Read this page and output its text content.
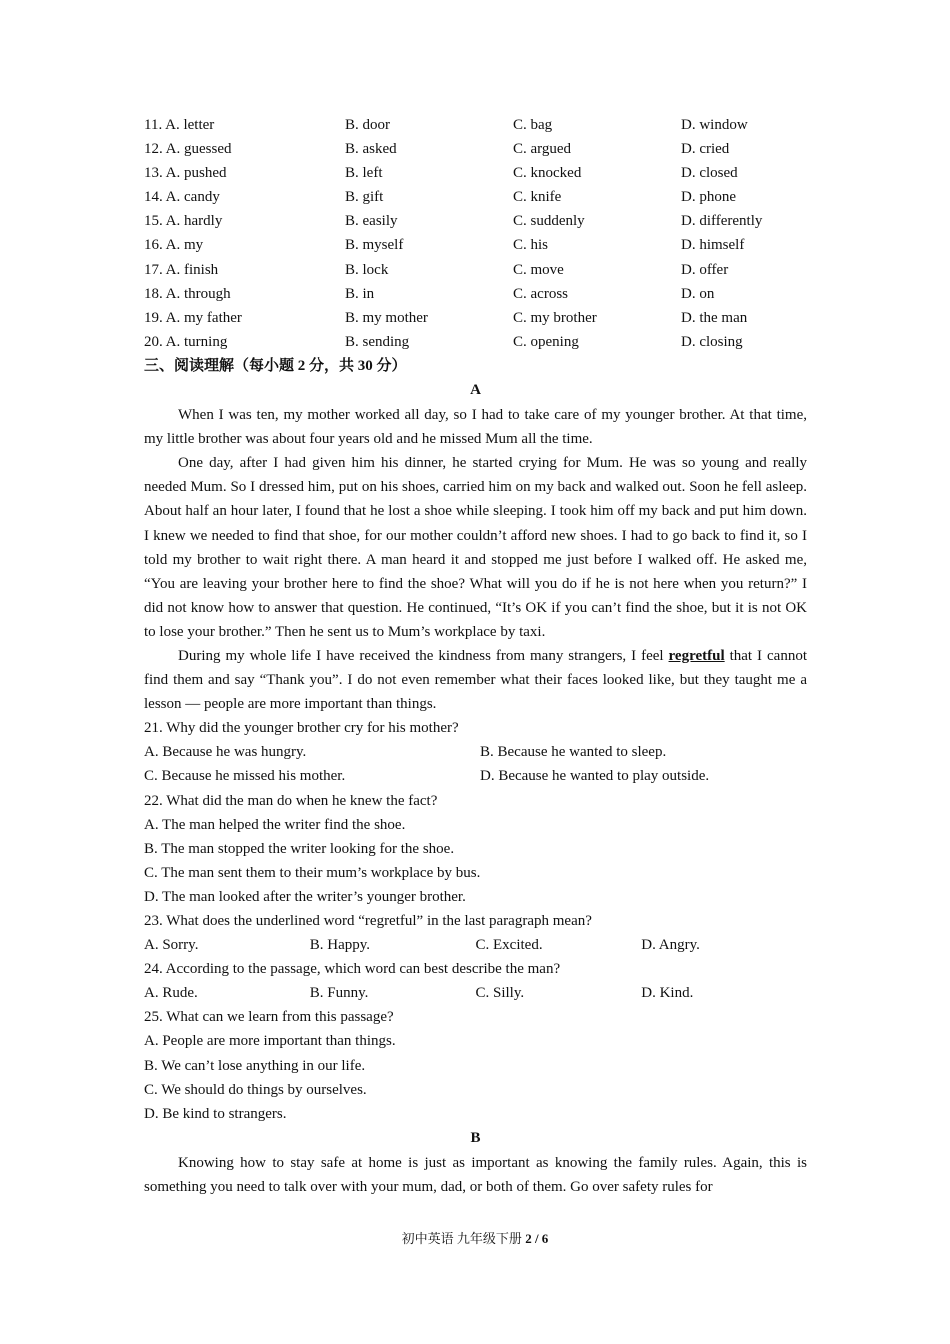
11. A. letter	B. door	C. bag	D. window
12. A. guessed	B. asked	C. argued	D. cried
13. A. pushed	B. left	C. knocked	D. closed
14. A. candy	B. gift	C. knife	D. phone
15. A. hardly	B. easily	C. suddenly	D. differently
16. A. my	B. myself	C. his	D. himself
17. A. finish	B. lock	C. move	D. offer
18. A. through	B. in	C. across	D. on
19. A. my father	B. my mother	C. my brother	D. the man
20. A. turning	B. sending	C. opening	D. closing
三、阅读理解（每小题 2 分，共 30 分）
A

When I was ten, my mother worked all day, so I had to take care of my younger brother. At that time, my little brother was about four years old and he missed Mum all the time.

One day, after I had given him his dinner, he started crying for Mum. He was so young and really needed Mum. So I dressed him, put on his shoes, carried him on my back and walked out. Soon he fell asleep. About half an hour later, I found that he lost a shoe while sleeping. I took him off my back and put him down. I knew we needed to find that shoe, for our mother couldn’t afford new shoes. I had to go back to find it, so I told my brother to wait right there. A man heard it and stopped me just before I walked off. He asked me, “You are leaving your brother here to find the shoe? What will you do if he is not here when you return?” I did not know how to answer that question. He continued, “It’s OK if you can’t find the shoe, but it is not OK to lose your brother.” Then he sent us to Mum’s workplace by taxi.

During my whole life I have received the kindness from many strangers, I feel regretful that I cannot find them and say “Thank you”. I do not even remember what their faces looked like, but they taught me a lesson — people are more important than things.

21. Why did the younger brother cry for his mother?
A. Because he was hungry.	B. Because he wanted to sleep.
C. Because he missed his mother.	D. Because he wanted to play outside.
22. What did the man do when he knew the fact?
A. The man helped the writer find the shoe.
B. The man stopped the writer looking for the shoe.
C. The man sent them to their mum’s workplace by bus.
D. The man looked after the writer’s younger brother.
23. What does the underlined word “regretful” in the last paragraph mean?
A. Sorry.	B. Happy.	C. Excited.	D. Angry.
24. According to the passage, which word can best describe the man?
A. Rude.	B. Funny.	C. Silly.	D. Kind.
25. What can we learn from this passage?
A. People are more important than things.
B. We can’t lose anything in our life.
C. We should do things by ourselves.
D. Be kind to strangers.
B

Knowing how to stay safe at home is just as important as knowing the family rules. Again, this is something you need to talk over with your mum, dad, or both of them. Go over safety rules for

初中英语 九年级下册 2 / 6
